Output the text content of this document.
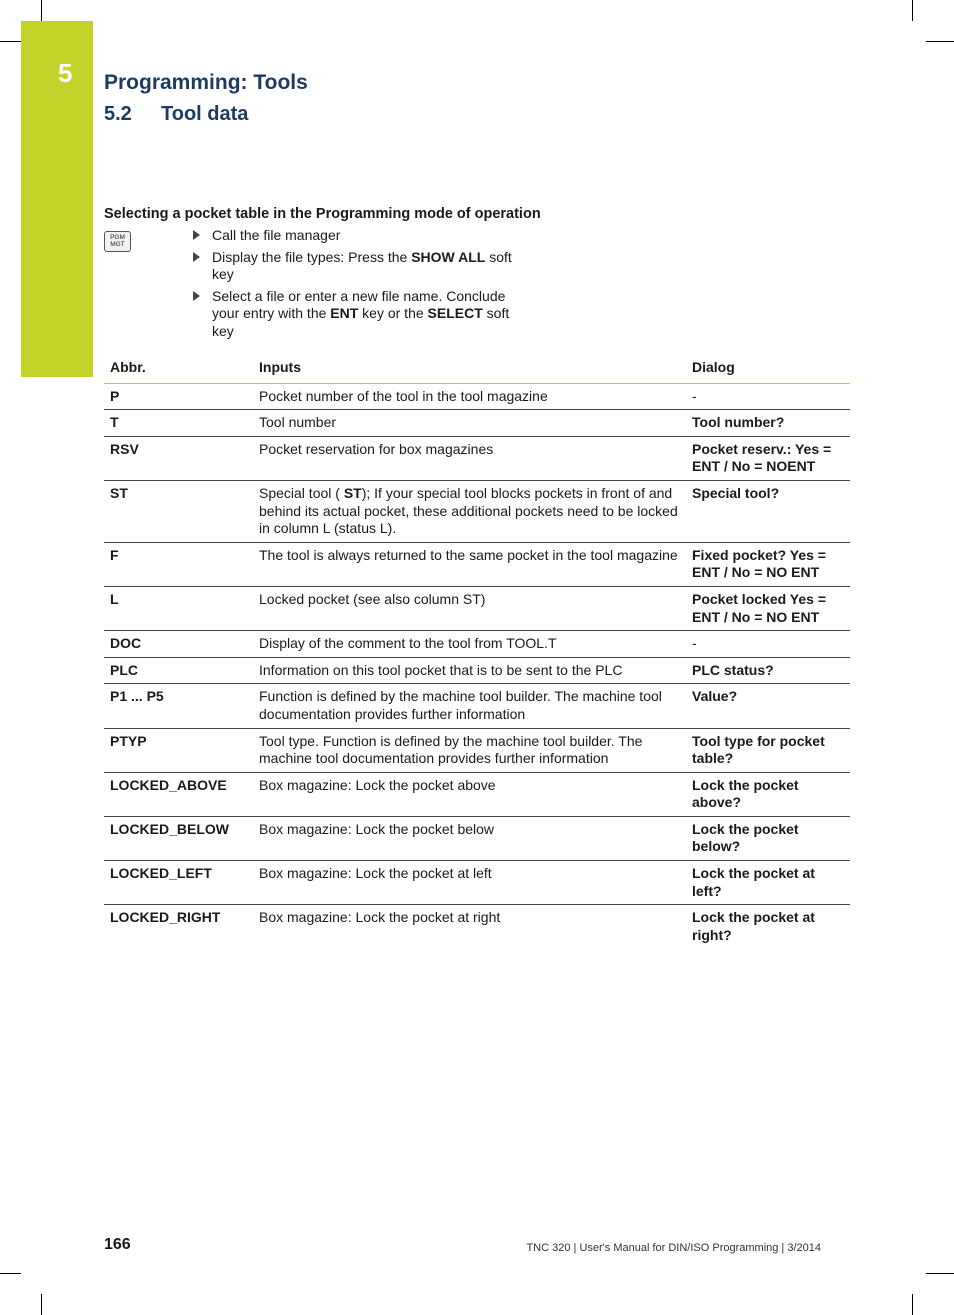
5	Programming: Tools
5.2 Tool data
Selecting a pocket table in the Programming mode of operation
PGM
MGT
Call the file manager
Display the file types: Press the SHOW ALL soft key
Select a file or enter a new file name. Conclude your entry with the ENT key or the SELECT soft key
Abbr.	Inputs	Dialog
P	Pocket number of the tool in the tool magazine	-
T	Tool number	Tool number?
RSV	Pocket reservation for box magazines	Pocket reserv.: Yes = ENT / No = NOENT
ST	Special tool ( ST); If your special tool blocks pockets in front of and behind its actual pocket, these additional pockets need to be locked in column L (status L).	Special tool?
F	The tool is always returned to the same pocket in the tool magazine	Fixed pocket? Yes = ENT / No = NO ENT
L	Locked pocket (see also column ST)	Pocket locked Yes = ENT / No = NO ENT
DOC	Display of the comment to the tool from TOOL.T	-
PLC	Information on this tool pocket that is to be sent to the PLC	PLC status?
P1 ... P5	Function is defined by the machine tool builder. The machine tool documentation provides further information	Value?
PTYP	Tool type. Function is defined by the machine tool builder. The machine tool documentation provides further information	Tool type for pocket table?
LOCKED_ABOVE	Box magazine: Lock the pocket above	Lock the pocket above?
LOCKED_BELOW	Box magazine: Lock the pocket below	Lock the pocket below?
LOCKED_LEFT	Box magazine: Lock the pocket at left	Lock the pocket at left?
LOCKED_RIGHT	Box magazine: Lock the pocket at right	Lock the pocket at right?
166	TNC 320 | User's Manual for DIN/ISO Programming | 3/2014
